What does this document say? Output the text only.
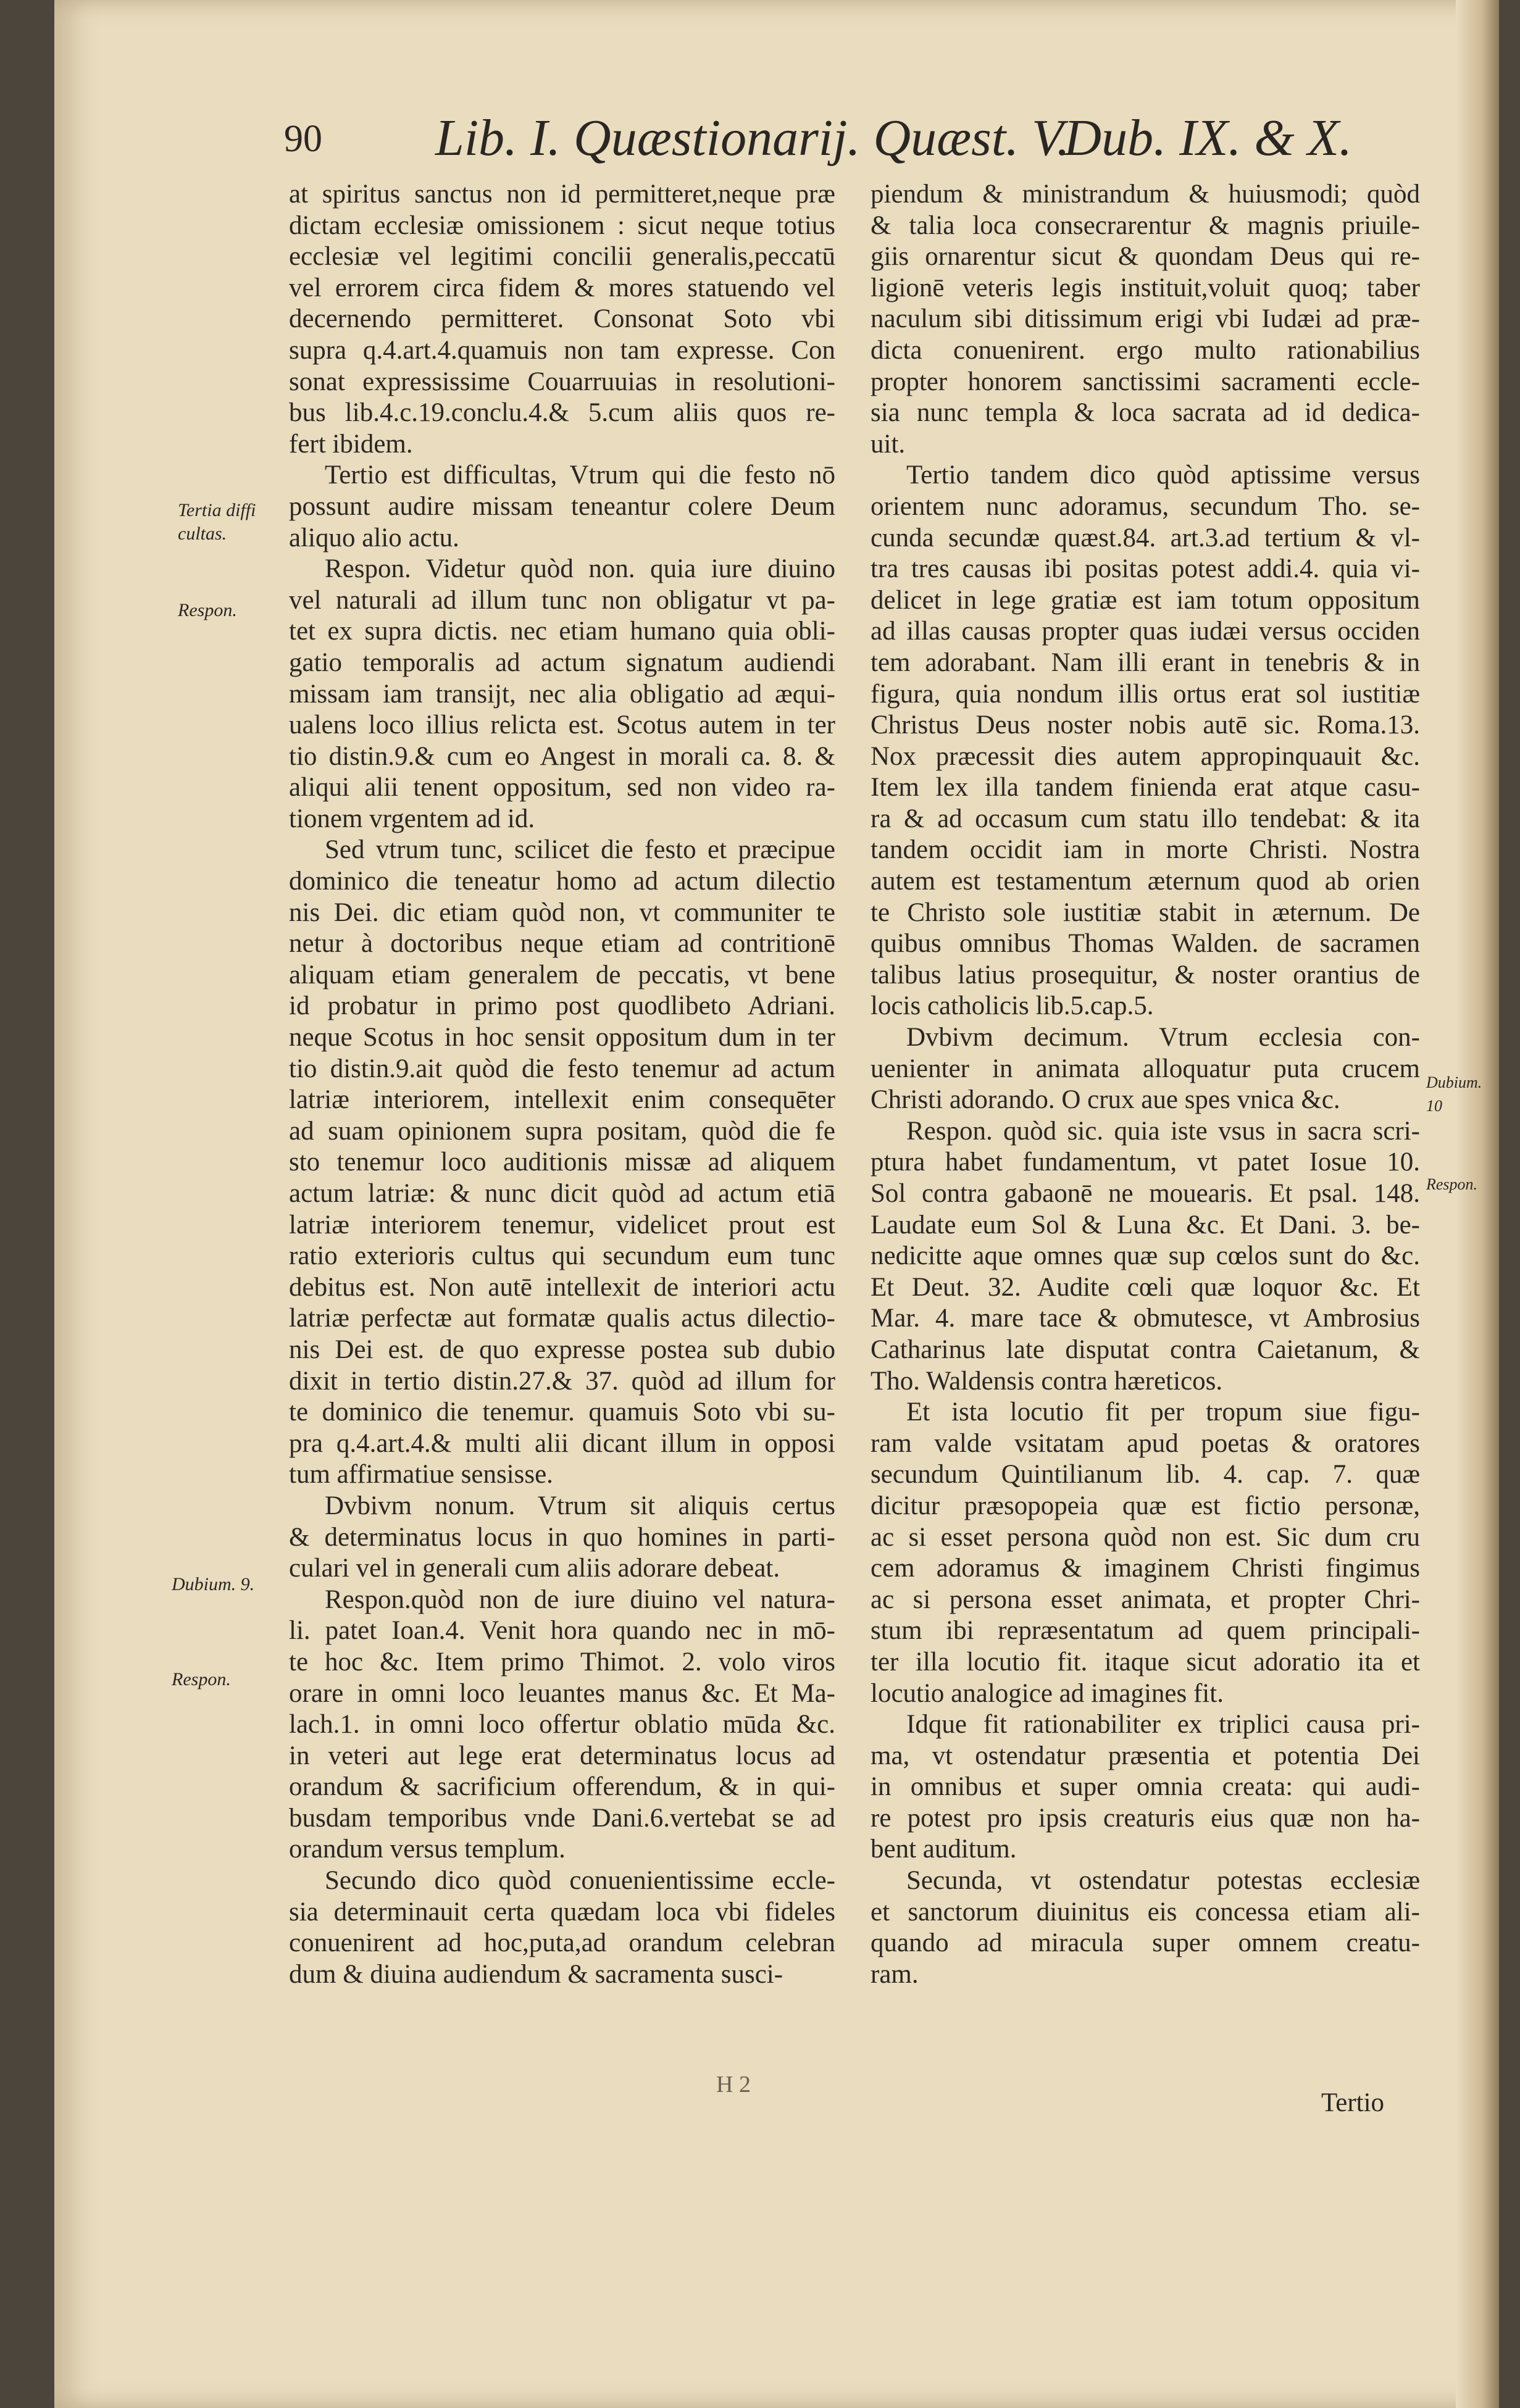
90 Lib. I. Quæstionarij. Quæst. V.
Dub. IX. & X.
at spiritus sanctus non id permitteret,neque præ
dictam ecclesiæ omissionem : sicut neque totius
ecclesiæ vel legitimi concilii generalis,peccatū
vel errorem circa fidem & mores statuendo vel
decernendo permitteret. Consonat Soto vbi
supra q.4.art.4.quamuis non tam expresse. Con
sonat expressissime Couarruuias in resolutioni-
bus lib.4.c.19.conclu.4.& 5.cum aliis quos re-
fert ibidem.
Tertio est difficultas, Vtrum qui die festo nō
possunt audire missam teneantur colere Deum
aliquo alio actu.
Respon. Videtur quòd non. quia iure diuino
vel naturali ad illum tunc non obligatur vt pa-
tet ex supra dictis. nec etiam humano quia obli-
gatio temporalis ad actum signatum audiendi
missam iam transijt, nec alia obligatio ad æqui-
ualens loco illius relicta est. Scotus autem in ter
tio distin.9.& cum eo Angest in morali ca. 8. &
aliqui alii tenent oppositum, sed non video ra-
tionem vrgentem ad id.
Sed vtrum tunc, scilicet die festo et præcipue
dominico die teneatur homo ad actum dilectio
nis Dei. dic etiam quòd non, vt communiter te
netur à doctoribus neque etiam ad contritionē
aliquam etiam generalem de peccatis, vt bene
id probatur in primo post quodlibeto Adriani.
neque Scotus in hoc sensit oppositum dum in ter
tio distin.9.ait quòd die festo tenemur ad actum
latriæ interiorem, intellexit enim consequēter
ad suam opinionem supra positam, quòd die fe
sto tenemur loco auditionis missæ ad aliquem
actum latriæ: & nunc dicit quòd ad actum etiā
latriæ interiorem tenemur, videlicet prout est
ratio exterioris cultus qui secundum eum tunc
debitus est. Non autē intellexit de interiori actu
latriæ perfectæ aut formatæ qualis actus dilectio-
nis Dei est. de quo expresse postea sub dubio
dixit in tertio distin.27.& 37. quòd ad illum for
te dominico die tenemur. quamuis Soto vbi su-
pra q.4.art.4.& multi alii dicant illum in opposi
tum affirmatiue sensisse.
Dvbivm nonum. Vtrum sit aliquis certus
& determinatus locus in quo homines in parti-
culari vel in generali cum aliis adorare debeat.
Respon.quòd non de iure diuino vel natura-
li. patet Ioan.4. Venit hora quando nec in mō-
te hoc &c. Item primo Thimot. 2. volo viros
orare in omni loco leuantes manus &c. Et Ma-
lach.1. in omni loco offertur oblatio mūda &c.
in veteri aut lege erat determinatus locus ad
orandum & sacrificium offerendum, & in qui-
busdam temporibus vnde Dani.6.vertebat se ad
orandum versus templum.
Secundo dico quòd conuenientissime eccle-
sia determinauit certa quædam loca vbi fideles
conuenirent ad hoc,puta,ad orandum celebran
dum & diuina audiendum & sacramenta susci-
piendum & ministrandum & huiusmodi; quòd
& talia loca consecrarentur & magnis priuile-
giis ornarentur sicut & quondam Deus qui re-
ligionē veteris legis instituit,voluit quoq; taber
naculum sibi ditissimum erigi vbi Iudæi ad præ-
dicta conuenirent. ergo multo rationabilius
propter honorem sanctissimi sacramenti eccle-
sia nunc templa & loca sacrata ad id dedica-
uit.
Tertio tandem dico quòd aptissime versus
orientem nunc adoramus, secundum Tho. se-
cunda secundæ quæst.84. art.3.ad tertium & vl-
tra tres causas ibi positas potest addi.4. quia vi-
delicet in lege gratiæ est iam totum oppositum
ad illas causas propter quas iudæi versus occiden
tem adorabant. Nam illi erant in tenebris & in
figura, quia nondum illis ortus erat sol iustitiæ
Christus Deus noster nobis autē sic. Roma.13.
Nox præcessit dies autem appropinquauit &c.
Item lex illa tandem finienda erat atque casu-
ra & ad occasum cum statu illo tendebat: & ita
tandem occidit iam in morte Christi. Nostra
autem est testamentum æternum quod ab orien
te Christo sole iustitiæ stabit in æternum. De
quibus omnibus Thomas Walden. de sacramen
talibus latius prosequitur, & noster orantius de
locis catholicis lib.5.cap.5.
Dvbivm decimum. Vtrum ecclesia con-
uenienter in animata alloquatur puta crucem
Christi adorando. O crux aue spes vnica &c.
Respon. quòd sic. quia iste vsus in sacra scri-
ptura habet fundamentum, vt patet Iosue 10.
Sol contra gabaonē ne mouearis. Et psal. 148.
Laudate eum Sol & Luna &c. Et Dani. 3. be-
nedicitte aque omnes quæ sup cœlos sunt do &c.
Et Deut. 32. Audite cœli quæ loquor &c. Et
Mar. 4. mare tace & obmutesce, vt Ambrosius
Catharinus late disputat contra Caietanum, &
Tho. Waldensis contra hæreticos.
Et ista locutio fit per tropum siue figu-
ram valde vsitatam apud poetas & oratores
secundum Quintilianum lib. 4. cap. 7. quæ
dicitur præsopopeia quæ est fictio personæ,
ac si esset persona quòd non est. Sic dum cru
cem adoramus & imaginem Christi fingimus
ac si persona esset animata, et propter Chri-
stum ibi repræsentatum ad quem principali-
ter illa locutio fit. itaque sicut adoratio ita et
locutio analogice ad imagines fit.
Idque fit rationabiliter ex triplici causa pri-
ma, vt ostendatur præsentia et potentia Dei
in omnibus et super omnia creata: qui audi-
re potest pro ipsis creaturis eius quæ non ha-
bent auditum.
Secunda, vt ostendatur potestas ecclesiæ
et sanctorum diuinitus eis concessa etiam ali-
quando ad miracula super omnem creatu-
ram.
Tertia diffi cultas.
Respon.
Dubium. 9.
Respon.
Dubium. 10
Respon.
H 2
Tertio
